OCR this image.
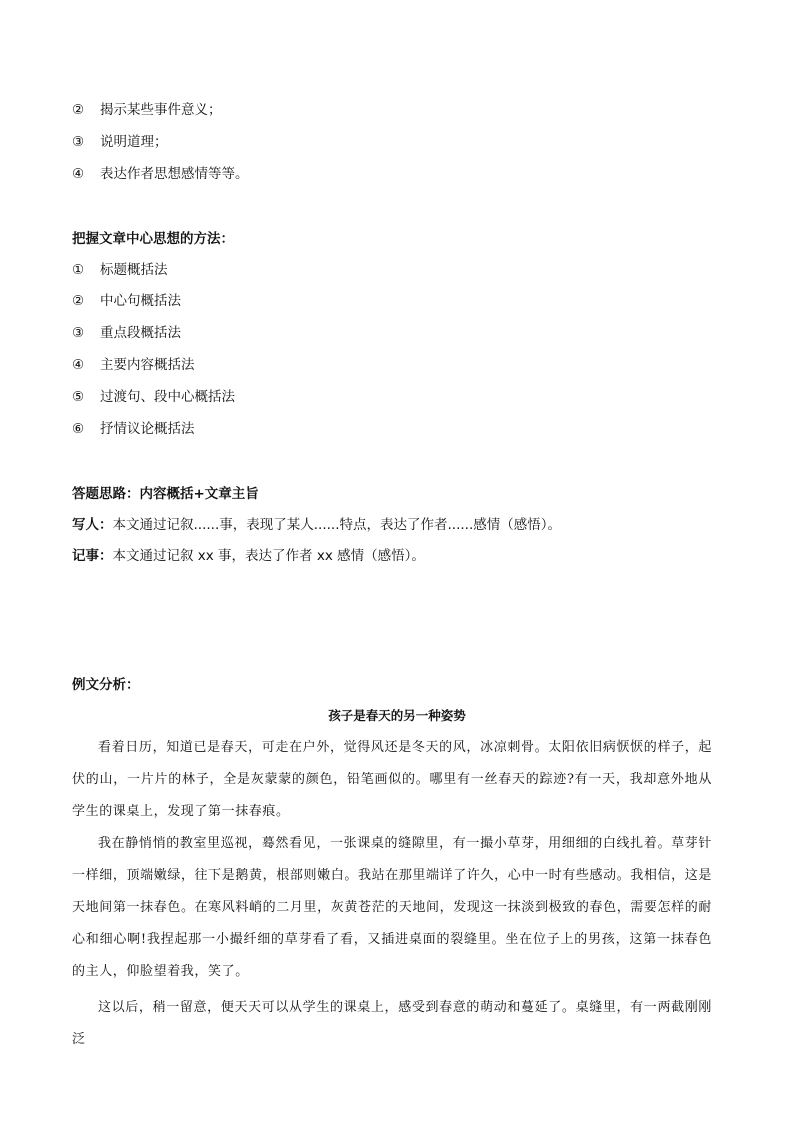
② 揭示某些事件意义；
③ 说明道理；
④ 表达作者思想感情等等。
把握文章中心思想的方法：
① 标题概括法
② 中心句概括法
③ 重点段概括法
④ 主要内容概括法
⑤ 过渡句、段中心概括法
⑥ 抒情议论概括法
答题思路：内容概括+文章主旨
写人：本文通过记叙......事，表现了某人......特点，表达了作者......感情（感悟）。
记事：本文通过记叙 xx 事，表达了作者 xx 感情（感悟）。
例文分析：
孩子是春天的另一种姿势
看着日历，知道已是春天，可走在户外，觉得风还是冬天的风，冰凉刺骨。太阳依旧病恹恹的样子，起伏的山，一片片的林子，全是灰蒙蒙的颜色，铅笔画似的。哪里有一丝春天的踪迹?有一天，我却意外地从学生的课桌上，发现了第一抹春痕。
我在静悄悄的教室里巡视，蓦然看见，一张课桌的缝隙里，有一撮小草芽，用细细的白线扎着。草芽针一样细，顶端嫩绿，往下是鹅黄，根部则嫩白。我站在那里端详了许久，心中一时有些感动。我相信，这是天地间第一抹春色。在寒风料峭的二月里，灰黄苍茫的天地间，发现这一抹淡到极致的春色，需要怎样的耐心和细心啊!我捏起那一小撮纤细的草芽看了看，又插进桌面的裂缝里。坐在位子上的男孩，这第一抹春色的主人，仰脸望着我，笑了。
这以后，稍一留意，便天天可以从学生的课桌上，感受到春意的萌动和蔓延了。桌缝里，有一两截刚刚泛
